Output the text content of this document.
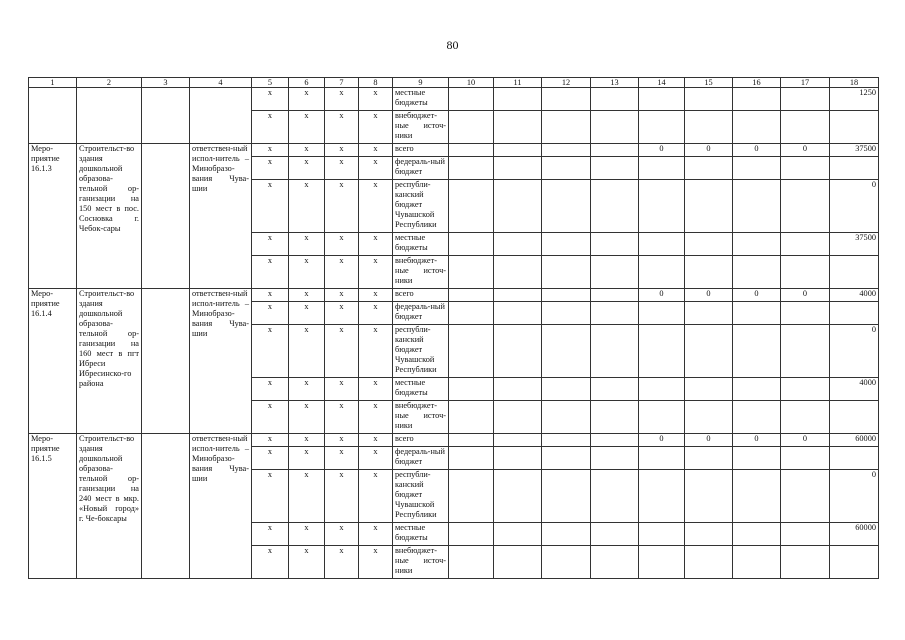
80
1	2	3	4	5	6	7	8	9	10	11	12	13	14	15	16	17	18
				x	x	x	x	местные бюджеты									1250
				x	x	x	x	внебюджет-ные источ-ники									
Меро-приятие 16.1.3	Строительст-во здания дошкольной образова-тельной ор-ганизации на 150 мест в пос. Сосновка г. Чебок-сары		ответствен-ный испол-нитель – Минобразо-вания Чува-шии	x	x	x	x	всего					0	0	0	0	37500
				x	x	x	x	федераль-ный бюджет									
				x	x	x	x	республи-канский бюджет Чувашской Республики									0
				x	x	x	x	местные бюджеты									37500
				x	x	x	x	внебюджет-ные источ-ники									
Меро-приятие 16.1.4	Строительст-во здания дошкольной образова-тельной ор-ганизации на 160 мест в пгт Ибреси Ибресинско-го района		ответствен-ный испол-нитель – Минобразо-вания Чува-шии	x	x	x	x	всего					0	0	0	0	4000
				x	x	x	x	федераль-ный бюджет									
				x	x	x	x	республи-канский бюджет Чувашской Республики									0
				x	x	x	x	местные бюджеты									4000
				x	x	x	x	внебюджет-ные источ-ники									
Меро-приятие 16.1.5	Строительст-во здания дошкольной образова-тельной ор-ганизации на 240 мест в мкр. «Новый город» г. Че-боксары		ответствен-ный испол-нитель – Минобразо-вания Чува-шии	x	x	x	x	всего					0	0	0	0	60000
				x	x	x	x	федераль-ный бюджет									
				x	x	x	x	республи-канский бюджет Чувашской Республики									0
				x	x	x	x	местные бюджеты									60000
				x	x	x	x	внебюджет-ные источ-ники									
